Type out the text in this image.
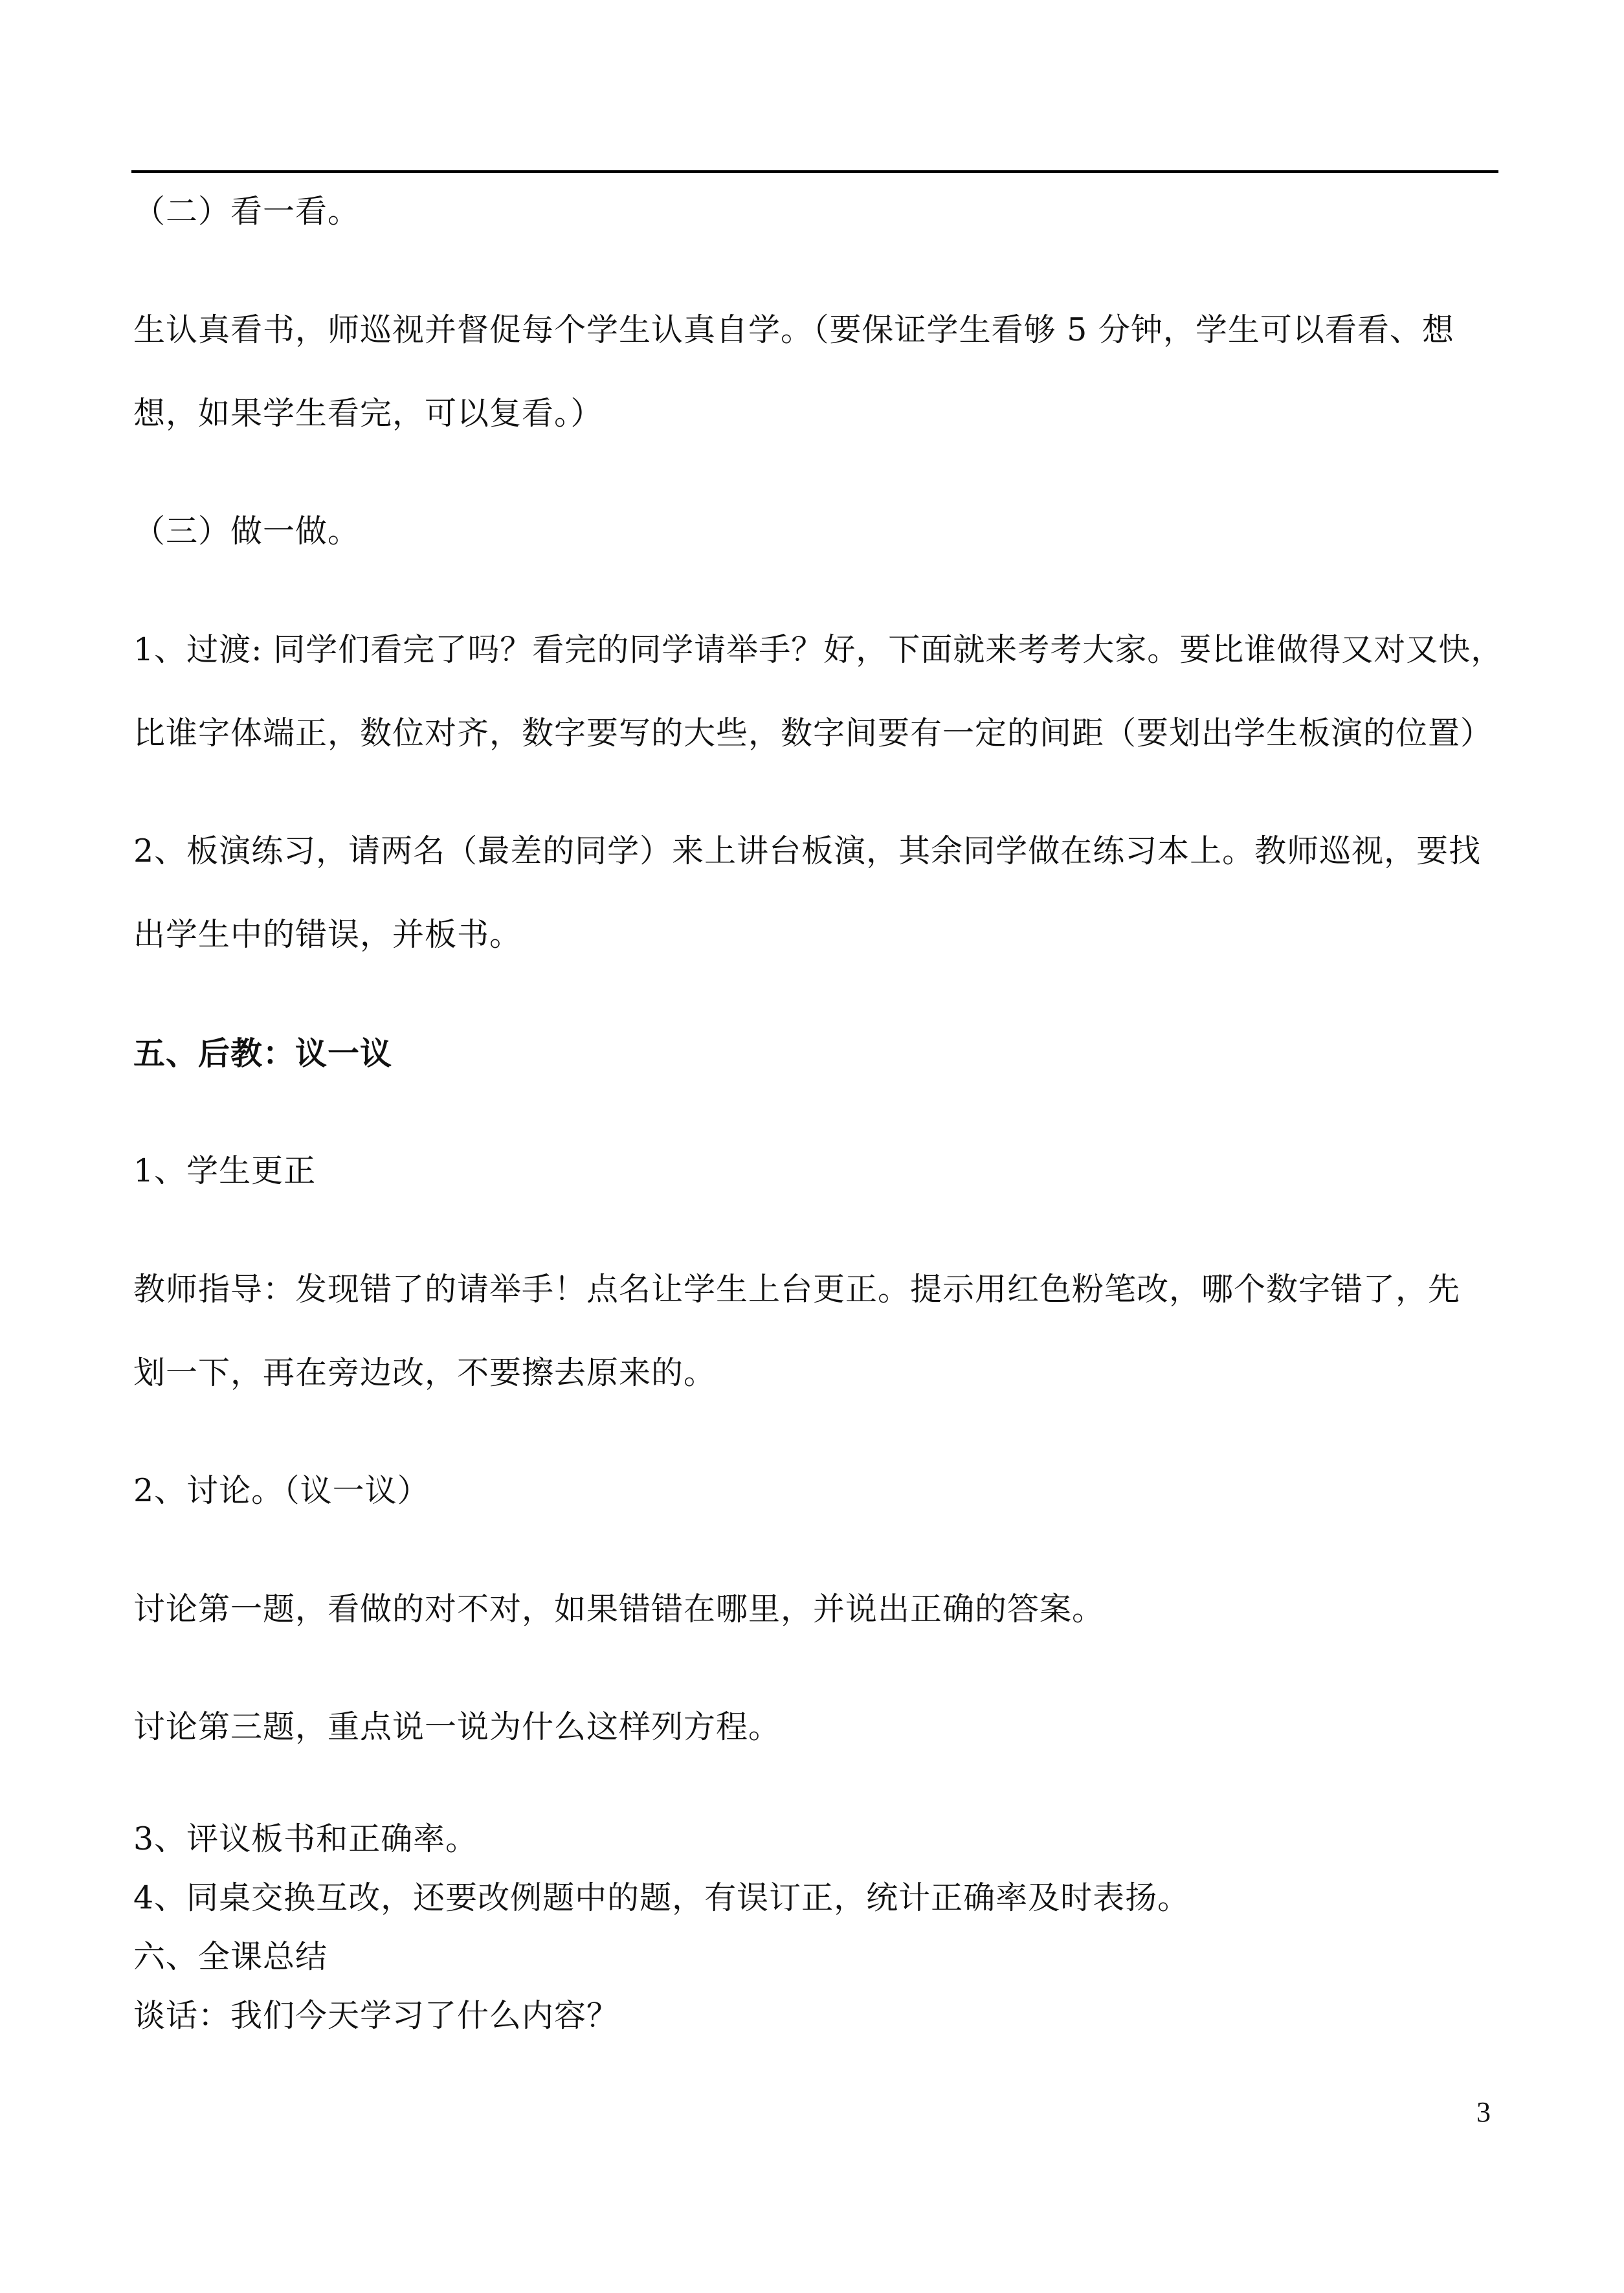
（二）看一看。
生认真看书，师巡视并督促每个学生认真自学。（要保证学生看够 5 分钟，学生可以看看、想
想，如果学生看完，可以复看。）
（三）做一做。
1、过渡: 同学们看完了吗？看完的同学请举手？好，下面就来考考大家。要比谁做得又对又快，
比谁字体端正，数位对齐，数字要写的大些，数字间要有一定的间距（要划出学生板演的位置）
2、板演练习，请两名（最差的同学）来上讲台板演，其余同学做在练习本上。教师巡视，要找
出学生中的错误，并板书。
五、后教：议一议
1、学生更正
教师指导：发现错了的请举手！点名让学生上台更正。提示用红色粉笔改，哪个数字错了，先
划一下，再在旁边改，不要擦去原来的。
2、讨论。（议一议）
讨论第一题，看做的对不对，如果错错在哪里，并说出正确的答案。
讨论第三题，重点说一说为什么这样列方程。
3、评议板书和正确率。
4、同桌交换互改，还要改例题中的题，有误订正，统计正确率及时表扬。
六、全课总结
谈话：我们今天学习了什么内容？
3
